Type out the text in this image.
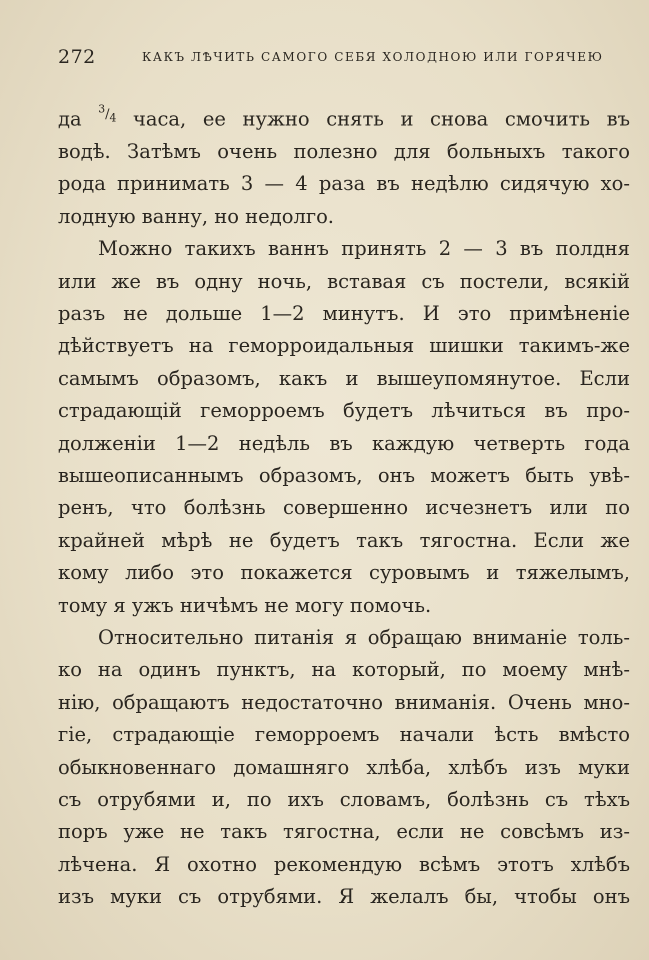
272	КАКЪ ЛѢЧИТЬ САМОГО СЕБЯ ХОЛОДНОЮ ИЛИ ГОРЯЧЕЮ
да $^{^3/_4}$ часа, ее нужно снять и снова смочить въ
водѣ. Затѣмъ очень полезно для больныхъ такого
рода принимать 3 — 4 раза въ недѣлю сидячую хо-
лодную ванну, но недолго.
Можно такихъ ваннъ принять 2 — 3 въ полдня
или же въ одну ночь, вставая съ постели, всякiй
разъ не дольше 1—2 минутъ. И это примѣненiе
дѣйствуетъ на геморроидальныя шишки такимъ-же
самымъ образомъ, какъ и вышеупомянутое. Если
страдающiй геморроемъ будетъ лѣчиться въ про-
долженiи 1—2 недѣль въ каждую четверть года
вышеописаннымъ образомъ, онъ можетъ быть увѣ-
ренъ, что болѣзнь совершенно исчезнетъ или по
крайней мѣрѣ не будетъ такъ тягостна. Если же
кому либо это покажется суровымъ и тяжелымъ,
тому я ужъ ничѣмъ не могу помочь.
Относительно питанiя я обращаю вниманiе толь-
ко на одинъ пунктъ, на который, по моему мнѣ-
нiю, обращаютъ недостаточно вниманiя. Очень мно-
гiе, страдающiе геморроемъ начали ѣсть вмѣсто
обыкновеннаго домашняго хлѣба, хлѣбъ изъ муки
съ отрубями и, по ихъ словамъ, болѣзнь съ тѣхъ
поръ уже не такъ тягостна, если не совсѣмъ из-
лѣчена. Я охотно рекомендую всѣмъ этотъ хлѣбъ
изъ муки съ отрубями. Я желалъ бы, чтобы онъ
